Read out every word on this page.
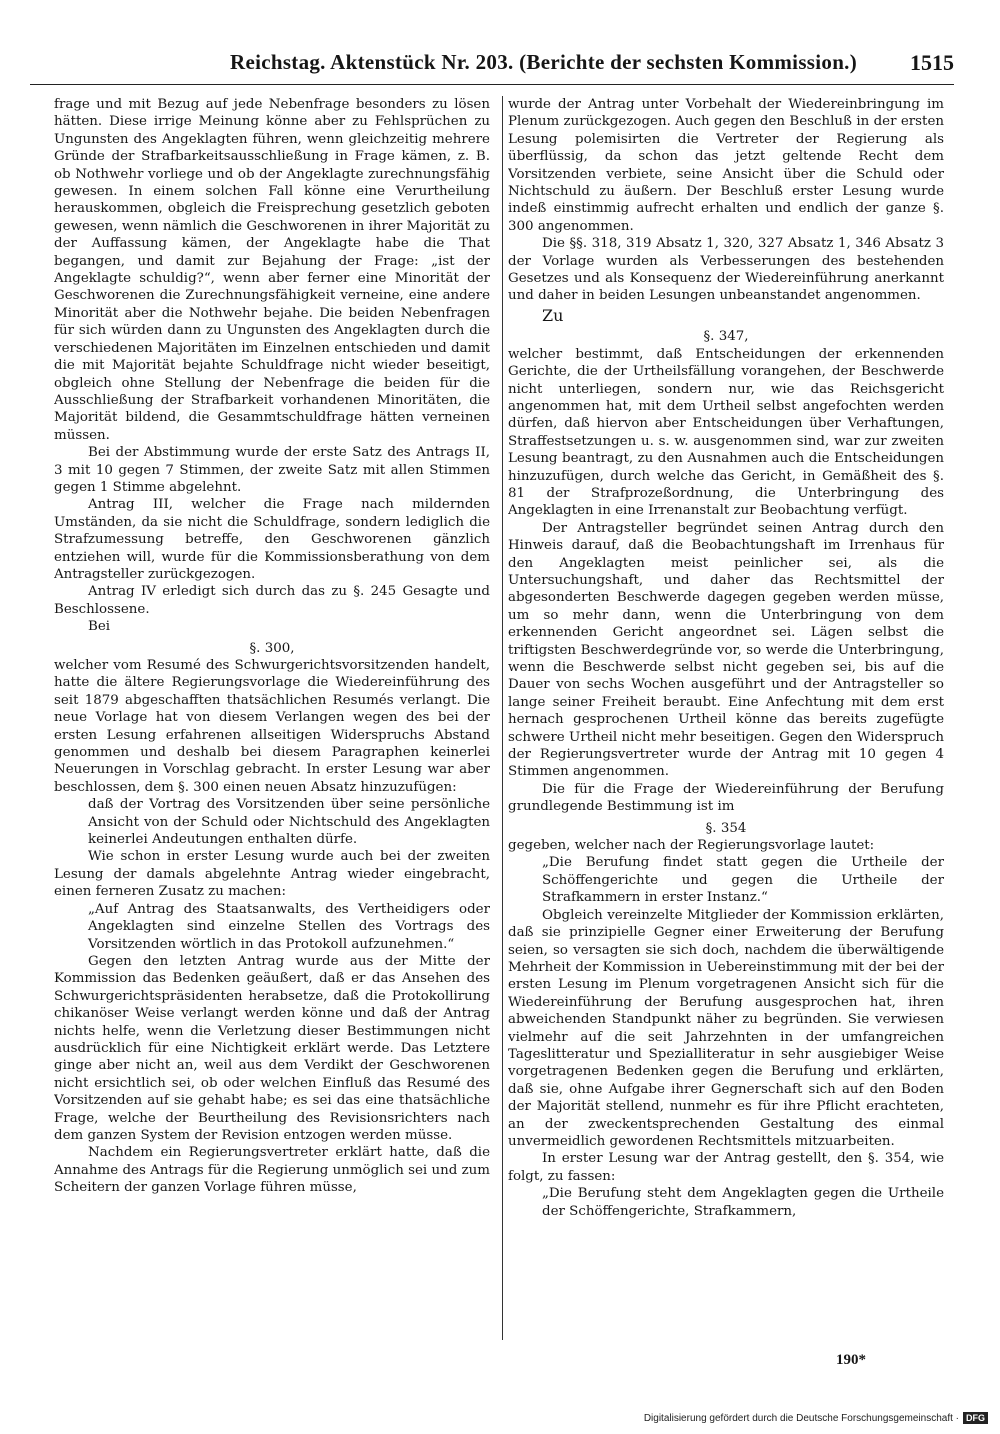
Reichstag. Aktenstück Nr. 203. (Berichte der sechsten Kommission.) 1515

frage und mit Bezug auf jede Nebenfrage besonders zu lösen hätten. Diese irrige Meinung könne aber zu Fehlsprüchen zu Ungunsten des Angeklagten führen, wenn gleichzeitig mehrere Gründe der Strafbarkeitsausschließung in Frage kämen, z. B. ob Nothwehr vorliege und ob der Angeklagte zurechnungsfähig gewesen. In einem solchen Fall könne eine Verurtheilung herauskommen, obgleich die Freisprechung gesetzlich geboten gewesen, wenn nämlich die Geschworenen in ihrer Majorität zu der Auffassung kämen, der Angeklagte habe die That begangen, und damit zur Bejahung der Frage: „ist der Angeklagte schuldig?“, wenn aber ferner eine Minorität der Geschworenen die Zurechnungsfähigkeit verneine, eine andere Minorität aber die Nothwehr bejahe. Die beiden Nebenfragen für sich würden dann zu Ungunsten des Angeklagten durch die verschiedenen Majoritäten im Einzelnen entschieden und damit die mit Majorität bejahte Schuldfrage nicht wieder beseitigt, obgleich ohne Stellung der Nebenfrage die beiden für die Ausschließung der Strafbarkeit vorhandenen Minoritäten, die Majorität bildend, die Gesammtschuldfrage hätten verneinen müssen.

Bei der Abstimmung wurde der erste Satz des Antrags II, 3 mit 10 gegen 7 Stimmen, der zweite Satz mit allen Stimmen gegen 1 Stimme abgelehnt.

Antrag III, welcher die Frage nach mildernden Umständen, da sie nicht die Schuldfrage, sondern lediglich die Strafzumessung betreffe, den Geschworenen gänzlich entziehen will, wurde für die Kommissionsberathung von dem Antragsteller zurückgezogen.

Antrag IV erledigt sich durch das zu §. 245 Gesagte und Beschlossene.

Bei

§. 300,

welcher vom Resumé des Schwurgerichtsvorsitzenden handelt, hatte die ältere Regierungsvorlage die Wiedereinführung des seit 1879 abgeschafften thatsächlichen Resumés verlangt. Die neue Vorlage hat von diesem Verlangen wegen des bei der ersten Lesung erfahrenen allseitigen Widerspruchs Abstand genommen und deshalb bei diesem Paragraphen keinerlei Neuerungen in Vorschlag gebracht. In erster Lesung war aber beschlossen, dem §. 300 einen neuen Absatz hinzuzufügen:

daß der Vortrag des Vorsitzenden über seine persönliche Ansicht von der Schuld oder Nichtschuld des Angeklagten keinerlei Andeutungen enthalten dürfe.

Wie schon in erster Lesung wurde auch bei der zweiten Lesung der damals abgelehnte Antrag wieder eingebracht, einen ferneren Zusatz zu machen:

„Auf Antrag des Staatsanwalts, des Vertheidigers oder Angeklagten sind einzelne Stellen des Vortrags des Vorsitzenden wörtlich in das Protokoll aufzunehmen.“

Gegen den letzten Antrag wurde aus der Mitte der Kommission das Bedenken geäußert, daß er das Ansehen des Schwurgerichtspräsidenten herabsetze, daß die Protokollirung chikanöser Weise verlangt werden könne und daß der Antrag nichts helfe, wenn die Verletzung dieser Bestimmungen nicht ausdrücklich für eine Nichtigkeit erklärt werde. Das Letztere ginge aber nicht an, weil aus dem Verdikt der Geschworenen nicht ersichtlich sei, ob oder welchen Einfluß das Resumé des Vorsitzenden auf sie gehabt habe; es sei das eine thatsächliche Frage, welche der Beurtheilung des Revisionsrichters nach dem ganzen System der Revision entzogen werden müsse.

Nachdem ein Regierungsvertreter erklärt hatte, daß die Annahme des Antrags für die Regierung unmöglich sei und zum Scheitern der ganzen Vorlage führen müsse,

wurde der Antrag unter Vorbehalt der Wiedereinbringung im Plenum zurückgezogen. Auch gegen den Beschluß in der ersten Lesung polemisirten die Vertreter der Regierung als überflüssig, da schon das jetzt geltende Recht dem Vorsitzenden verbiete, seine Ansicht über die Schuld oder Nichtschuld zu äußern. Der Beschluß erster Lesung wurde indeß einstimmig aufrecht erhalten und endlich der ganze §. 300 angenommen.

Die §§. 318, 319 Absatz 1, 320, 327 Absatz 1, 346 Absatz 3 der Vorlage wurden als Verbesserungen des bestehenden Gesetzes und als Konsequenz der Wiedereinführung anerkannt und daher in beiden Lesungen unbeanstandet angenommen.

Zu

§. 347,

welcher bestimmt, daß Entscheidungen der erkennenden Gerichte, die der Urtheilsfällung vorangehen, der Beschwerde nicht unterliegen, sondern nur, wie das Reichsgericht angenommen hat, mit dem Urtheil selbst angefochten werden dürfen, daß hiervon aber Entscheidungen über Verhaftungen, Straffestsetzungen u. s. w. ausgenommen sind, war zur zweiten Lesung beantragt, zu den Ausnahmen auch die Entscheidungen hinzuzufügen, durch welche das Gericht, in Gemäßheit des §. 81 der Strafprozeßordnung, die Unterbringung des Angeklagten in eine Irrenanstalt zur Beobachtung verfügt.

Der Antragsteller begründet seinen Antrag durch den Hinweis darauf, daß die Beobachtungshaft im Irrenhaus für den Angeklagten meist peinlicher sei, als die Untersuchungshaft, und daher das Rechtsmittel der abgesonderten Beschwerde dagegen gegeben werden müsse, um so mehr dann, wenn die Unterbringung von dem erkennenden Gericht angeordnet sei. Lägen selbst die triftigsten Beschwerdegründe vor, so werde die Unterbringung, wenn die Beschwerde selbst nicht gegeben sei, bis auf die Dauer von sechs Wochen ausgeführt und der Antragsteller so lange seiner Freiheit beraubt. Eine Anfechtung mit dem erst hernach gesprochenen Urtheil könne das bereits zugefügte schwere Urtheil nicht mehr beseitigen. Gegen den Widerspruch der Regierungsvertreter wurde der Antrag mit 10 gegen 4 Stimmen angenommen.

Die für die Frage der Wiedereinführung der Berufung grundlegende Bestimmung ist im

§. 354

gegeben, welcher nach der Regierungsvorlage lautet:

„Die Berufung findet statt gegen die Urtheile der Schöffengerichte und gegen die Urtheile der Strafkammern in erster Instanz.“

Obgleich vereinzelte Mitglieder der Kommission erklärten, daß sie prinzipielle Gegner einer Erweiterung der Berufung seien, so versagten sie sich doch, nachdem die überwältigende Mehrheit der Kommission in Uebereinstimmung mit der bei der ersten Lesung im Plenum vorgetragenen Ansicht sich für die Wiedereinführung der Berufung ausgesprochen hat, ihren abweichenden Standpunkt näher zu begründen. Sie verwiesen vielmehr auf die seit Jahrzehnten in der umfangreichen Tageslitteratur und Spezialliteratur in sehr ausgiebiger Weise vorgetragenen Bedenken gegen die Berufung und erklärten, daß sie, ohne Aufgabe ihrer Gegnerschaft sich auf den Boden der Majorität stellend, nunmehr es für ihre Pflicht erachteten, an der zweckentsprechenden Gestaltung des einmal unvermeidlich gewordenen Rechtsmittels mitzuarbeiten.

In erster Lesung war der Antrag gestellt, den §. 354, wie folgt, zu fassen:

„Die Berufung steht dem Angeklagten gegen die Urtheile der Schöffengerichte, Strafkammern,

190*
Digitalisierung gefördert durch die Deutsche Forschungsgemeinschaft · DFG
